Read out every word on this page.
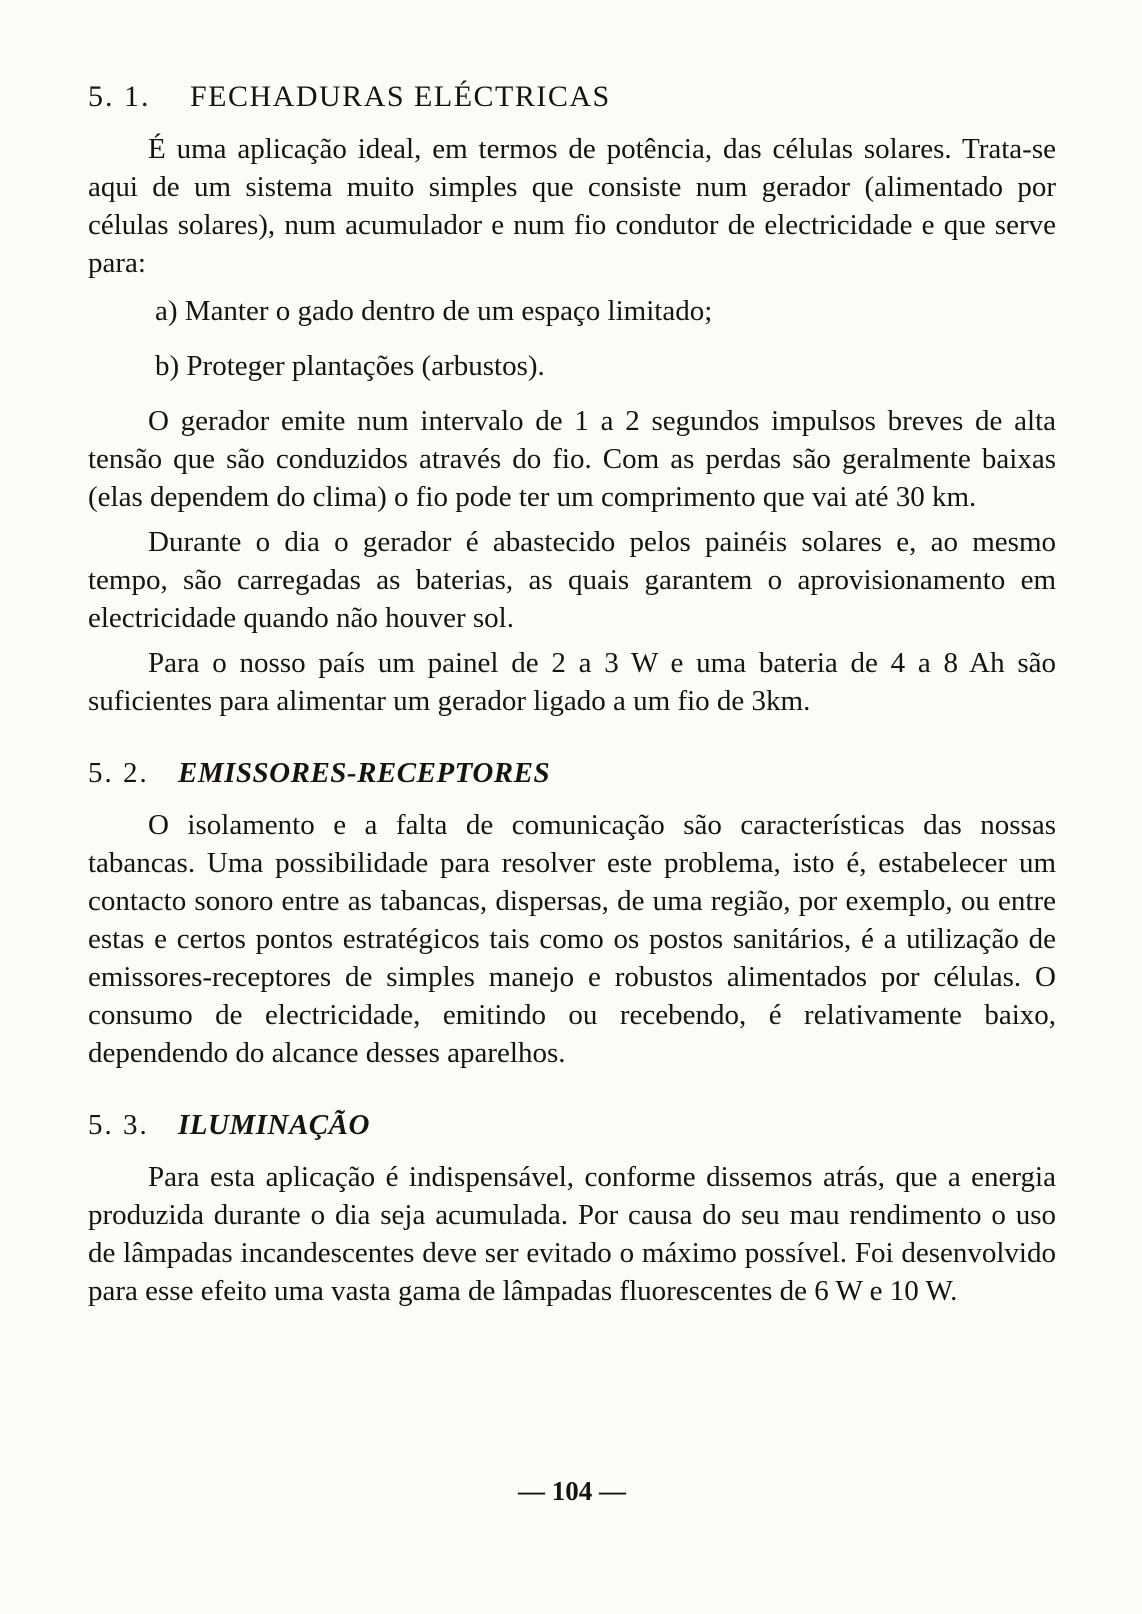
5. 1. FECHADURAS ELÉCTRICAS

É uma aplicação ideal, em termos de potência, das células solares. Trata-se aqui de um sistema muito simples que consiste num gerador (alimentado por células solares), num acumulador e num fio condutor de electricidade e que serve para:

a) Manter o gado dentro de um espaço limitado;

b) Proteger plantações (arbustos).

O gerador emite num intervalo de 1 a 2 segundos impulsos breves de alta tensão que são conduzidos através do fio. Com as perdas são geralmente baixas (elas dependem do clima) o fio pode ter um comprimento que vai até 30 km.

Durante o dia o gerador é abastecido pelos painéis solares e, ao mesmo tempo, são carregadas as baterias, as quais garantem o aprovisionamento em electricidade quando não houver sol.

Para o nosso país um painel de 2 a 3 W e uma bateria de 4 a 8 Ah são suficientes para alimentar um gerador ligado a um fio de 3km.

5. 2. EMISSORES-RECEPTORES

O isolamento e a falta de comunicação são características das nossas tabancas. Uma possibilidade para resolver este problema, isto é, estabelecer um contacto sonoro entre as tabancas, dispersas, de uma região, por exemplo, ou entre estas e certos pontos estratégicos tais como os postos sanitários, é a utilização de emissores-receptores de simples manejo e robustos alimentados por células. O consumo de electricidade, emitindo ou recebendo, é relativamente baixo, dependendo do alcance desses aparelhos.

5. 3. ILUMINAÇÃO

Para esta aplicação é indispensável, conforme dissemos atrás, que a energia produzida durante o dia seja acumulada. Por causa do seu mau rendimento o uso de lâmpadas incandescentes deve ser evitado o máximo possível. Foi desenvolvido para esse efeito uma vasta gama de lâmpadas fluorescentes de 6 W e 10 W.

— 104 —
